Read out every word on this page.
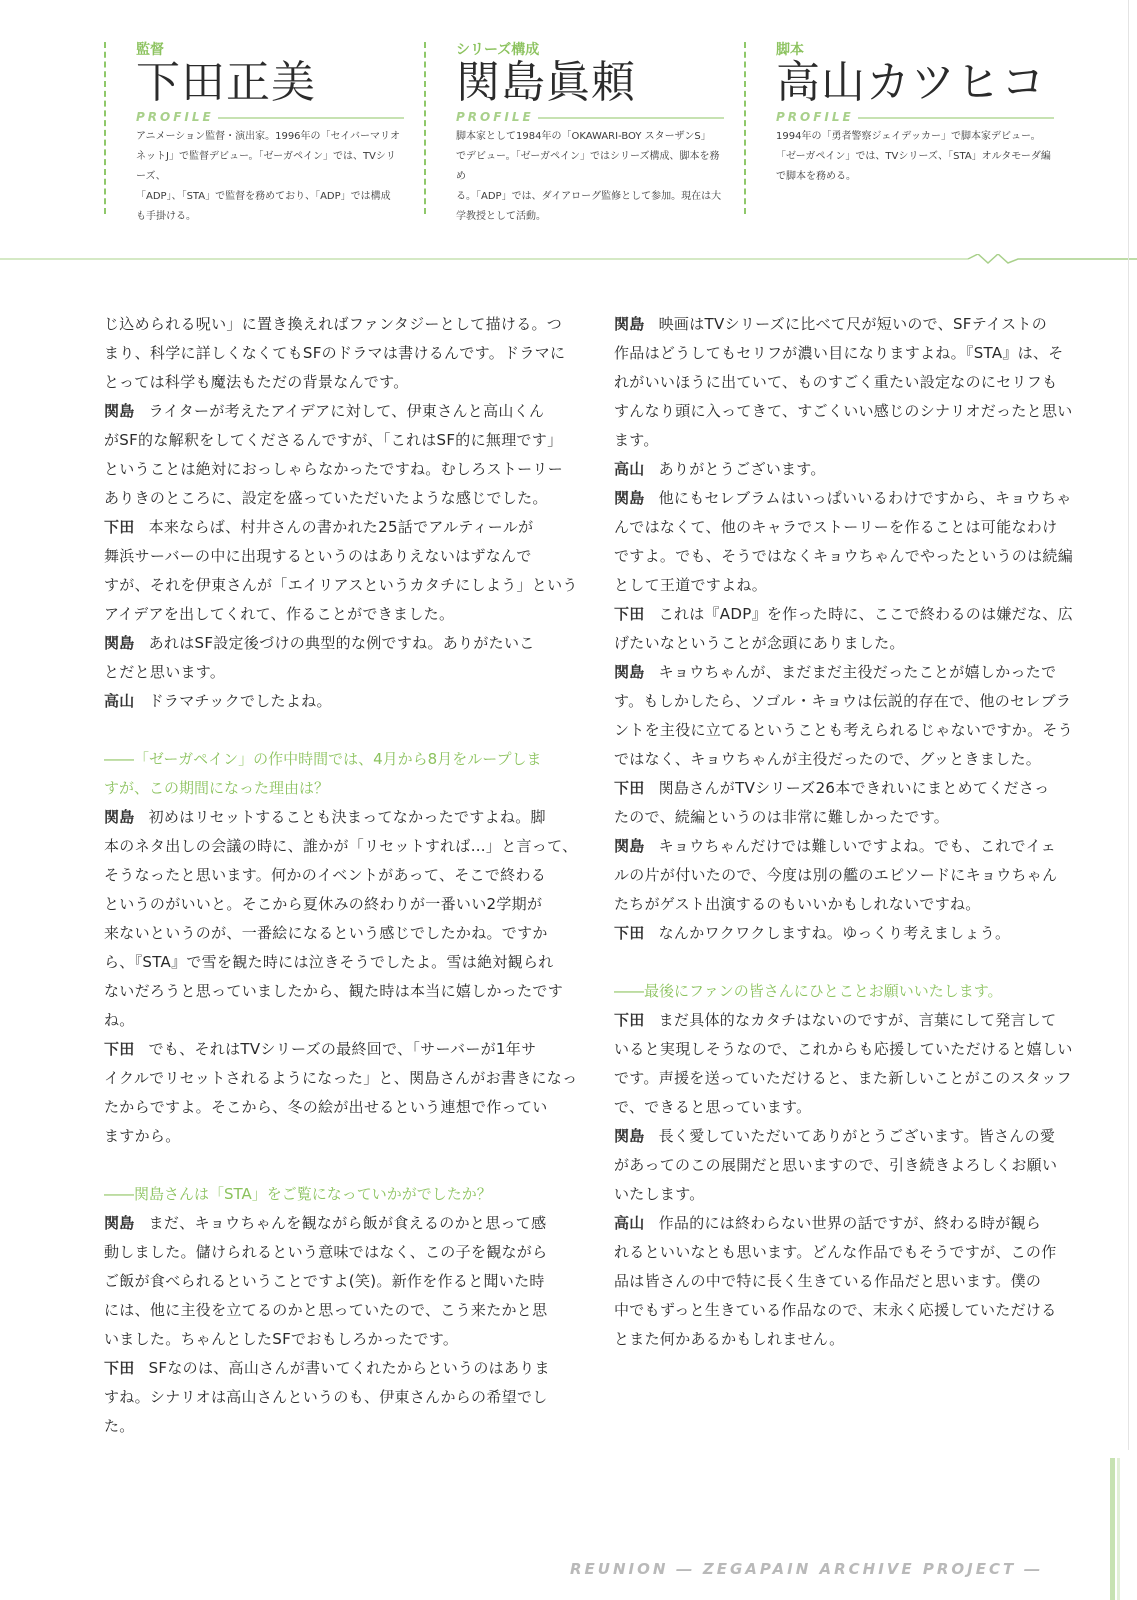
監督
下田正美
PROFILE
アニメーション監督・演出家。1996年の「セイバーマリオ
ネットJ」で監督デビュー。「ゼーガペイン」では、TVシリーズ、
「ADP」、「STA」で監督を務めており、「ADP」では構成
も手掛ける。
シリーズ構成
関島眞頼
PROFILE
脚本家として1984年の「OKAWARI-BOY スターザンS」
でデビュー。「ゼーガペイン」ではシリーズ構成、脚本を務め
る。「ADP」では、ダイアローグ監修として参加。現在は大
学教授として活動。
脚本
高山カツヒコ
PROFILE
1994年の「勇者警察ジェイデッカー」で脚本家デビュー。
「ゼーガペイン」では、TVシリーズ、「STA」オルタモーダ編
で脚本を務める。
じ込められる呪い」に置き換えればファンタジーとして描ける。つ
まり、科学に詳しくなくてもSFのドラマは書けるんです。ドラマに
とっては科学も魔法もただの背景なんです。
関島 ライターが考えたアイデアに対して、伊東さんと高山くん
がSF的な解釈をしてくださるんですが、「これはSF的に無理です」
ということは絶対におっしゃらなかったですね。むしろストーリー
ありきのところに、設定を盛っていただいたような感じでした。
下田 本来ならば、村井さんの書かれた25話でアルティールが
舞浜サーバーの中に出現するというのはありえないはずなんで
すが、それを伊東さんが「エイリアスというカタチにしよう」という
アイデアを出してくれて、作ることができました。
関島 あれはSF設定後づけの典型的な例ですね。ありがたいこ
とだと思います。
高山 ドラマチックでしたよね。
――「ゼーガペイン」の作中時間では、4月から8月をループしま
すが、この期間になった理由は？
関島 初めはリセットすることも決まってなかったですよね。脚
本のネタ出しの会議の時に、誰かが「リセットすれば…」と言って、
そうなったと思います。何かのイベントがあって、そこで終わる
というのがいいと。そこから夏休みの終わりが一番いい2学期が
来ないというのが、一番絵になるという感じでしたかね。ですか
ら、『STA』で雪を観た時には泣きそうでしたよ。雪は絶対観られ
ないだろうと思っていましたから、観た時は本当に嬉しかったです
ね。
下田 でも、それはTVシリーズの最終回で、「サーバーが1年サ
イクルでリセットされるようになった」と、関島さんがお書きになっ
たからですよ。そこから、冬の絵が出せるという連想で作ってい
ますから。
――関島さんは「STA」をご覧になっていかがでしたか？
関島 まだ、キョウちゃんを観ながら飯が食えるのかと思って感
動しました。儲けられるという意味ではなく、この子を観ながら
ご飯が食べられるということですよ(笑)。新作を作ると聞いた時
には、他に主役を立てるのかと思っていたので、こう来たかと思
いました。ちゃんとしたSFでおもしろかったです。
下田 SFなのは、高山さんが書いてくれたからというのはありま
すね。シナリオは高山さんというのも、伊東さんからの希望でし
た。
関島 映画はTVシリーズに比べて尺が短いので、SFテイストの
作品はどうしてもセリフが濃い目になりますよね。『STA』は、そ
れがいいほうに出ていて、ものすごく重たい設定なのにセリフも
すんなり頭に入ってきて、すごくいい感じのシナリオだったと思い
ます。
高山 ありがとうございます。
関島 他にもセレブラムはいっぱいいるわけですから、キョウちゃ
んではなくて、他のキャラでストーリーを作ることは可能なわけ
ですよ。でも、そうではなくキョウちゃんでやったというのは続編
として王道ですよね。
下田 これは『ADP』を作った時に、ここで終わるのは嫌だな、広
げたいなということが念頭にありました。
関島 キョウちゃんが、まだまだ主役だったことが嬉しかったで
す。もしかしたら、ソゴル・キョウは伝説的存在で、他のセレブラ
ントを主役に立てるということも考えられるじゃないですか。そう
ではなく、キョウちゃんが主役だったので、グッときました。
下田 関島さんがTVシリーズ26本できれいにまとめてくださっ
たので、続編というのは非常に難しかったです。
関島 キョウちゃんだけでは難しいですよね。でも、これでイェ
ルの片が付いたので、今度は別の艦のエピソードにキョウちゃん
たちがゲスト出演するのもいいかもしれないですね。
下田 なんかワクワクしますね。ゆっくり考えましょう。
――最後にファンの皆さんにひとことお願いいたします。
下田 まだ具体的なカタチはないのですが、言葉にして発言して
いると実現しそうなので、これからも応援していただけると嬉しい
です。声援を送っていただけると、また新しいことがこのスタッフ
で、できると思っています。
関島 長く愛していただいてありがとうございます。皆さんの愛
があってのこの展開だと思いますので、引き続きよろしくお願い
いたします。
高山 作品的には終わらない世界の話ですが、終わる時が観ら
れるといいなとも思います。どんな作品でもそうですが、この作
品は皆さんの中で特に長く生きている作品だと思います。僕の
中でもずっと生きている作品なので、末永く応援していただける
とまた何かあるかもしれません。
REUNION ― ZEGAPAIN ARCHIVE PROJECT ―
